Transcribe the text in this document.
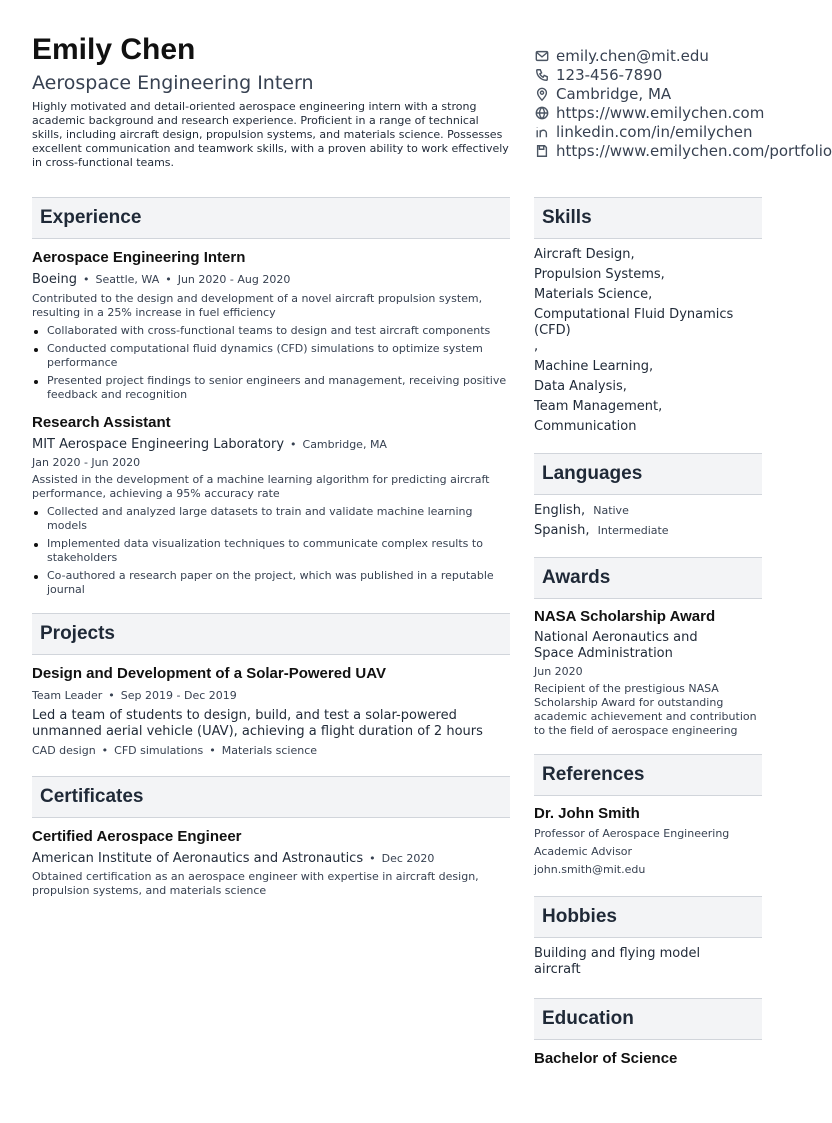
Emily Chen
Aerospace Engineering Intern
Highly motivated and detail-oriented aerospace engineering intern with a strong academic background and research experience. Proficient in a range of technical skills, including aircraft design, propulsion systems, and materials science. Possesses excellent communication and teamwork skills, with a proven ability to work effectively in cross-functional teams.
emily.chen@mit.edu
123-456-7890
Cambridge, MA
https://www.emilychen.com
linkedin.com/in/emilychen
https://www.emilychen.com/portfolio
Experience
Aerospace Engineering Intern
Boeing • Seattle, WA • Jun 2020 - Aug 2020
Contributed to the design and development of a novel aircraft propulsion system, resulting in a 25% increase in fuel efficiency
Collaborated with cross-functional teams to design and test aircraft components
Conducted computational fluid dynamics (CFD) simulations to optimize system performance
Presented project findings to senior engineers and management, receiving positive feedback and recognition
Research Assistant
MIT Aerospace Engineering Laboratory • Cambridge, MA
Jan 2020 - Jun 2020
Assisted in the development of a machine learning algorithm for predicting aircraft performance, achieving a 95% accuracy rate
Collected and analyzed large datasets to train and validate machine learning models
Implemented data visualization techniques to communicate complex results to stakeholders
Co-authored a research paper on the project, which was published in a reputable journal
Projects
Design and Development of a Solar-Powered UAV
Team Leader • Sep 2019 - Dec 2019
Led a team of students to design, build, and test a solar-powered unmanned aerial vehicle (UAV), achieving a flight duration of 2 hours
CAD design • CFD simulations • Materials science
Certificates
Certified Aerospace Engineer
American Institute of Aeronautics and Astronautics • Dec 2020
Obtained certification as an aerospace engineer with expertise in aircraft design, propulsion systems, and materials science
Skills
Aircraft Design,
Propulsion Systems,
Materials Science,
Computational Fluid Dynamics (CFD)
,
Machine Learning,
Data Analysis,
Team Management,
Communication
Languages
English, Native
Spanish, Intermediate
Awards
NASA Scholarship Award
National Aeronautics and Space Administration
Jun 2020
Recipient of the prestigious NASA Scholarship Award for outstanding academic achievement and contribution to the field of aerospace engineering
References
Dr. John Smith
Professor of Aerospace Engineering
Academic Advisor
john.smith@mit.edu
Hobbies
Building and flying model aircraft
Education
Bachelor of Science
